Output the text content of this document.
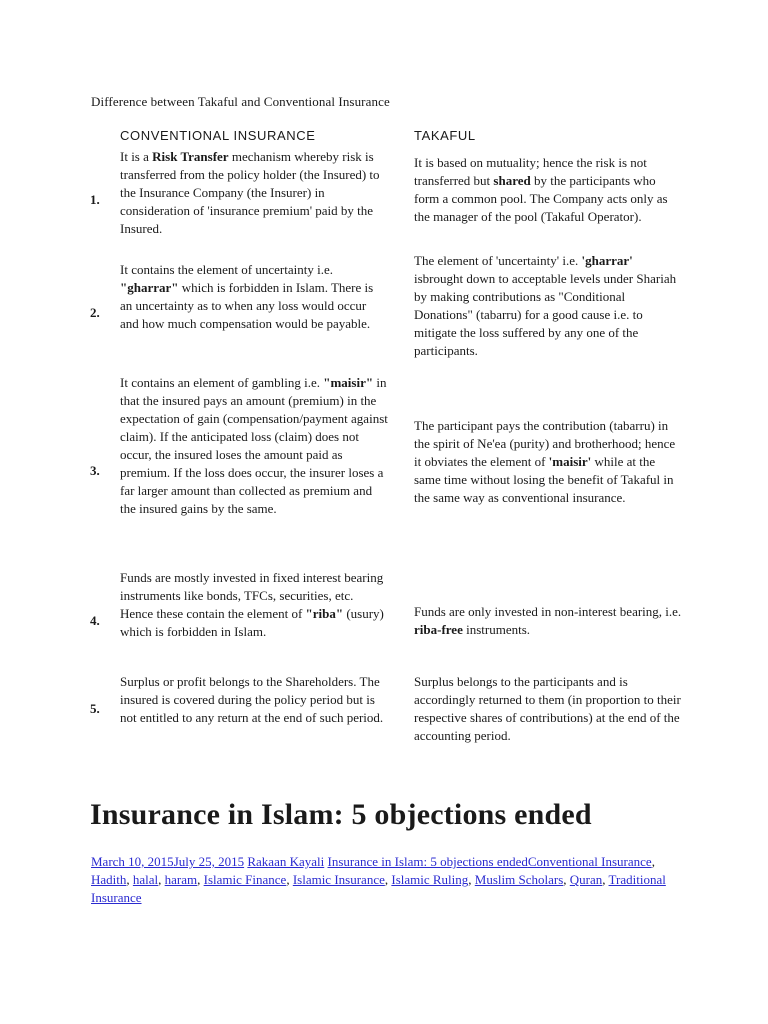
Difference between Takaful and Conventional Insurance
CONVENTIONAL INSURANCE	TAKAFUL
1.
It is a Risk Transfer mechanism whereby risk is transferred from the policy holder (the Insured) to the Insurance Company (the Insurer) in consideration of 'insurance premium' paid by the Insured.
It is based on mutuality; hence the risk is not transferred but shared by the participants who form a common pool. The Company acts only as the manager of the pool (Takaful Operator).
2.
It contains the element of uncertainty i.e. "gharrar" which is forbidden in Islam. There is an uncertainty as to when any loss would occur and how much compensation would be payable.
The element of 'uncertainty' i.e. 'gharrar' isbrought down to acceptable levels under Shariah by making contributions as "Conditional Donations" (tabarru) for a good cause i.e. to mitigate the loss suffered by any one of the participants.
3.
It contains an element of gambling i.e. "maisir" in that the insured pays an amount (premium) in the expectation of gain (compensation/payment against claim). If the anticipated loss (claim) does not occur, the insured loses the amount paid as premium. If the loss does occur, the insurer loses a far larger amount than collected as premium and the insured gains by the same.
The participant pays the contribution (tabarru) in the spirit of Ne'ea (purity) and brotherhood; hence it obviates the element of 'maisir' while at the same time without losing the benefit of Takaful in the same way as conventional insurance.
4.
Funds are mostly invested in fixed interest bearing instruments like bonds, TFCs, securities, etc. Hence these contain the element of "riba" (usury) which is forbidden in Islam.
Funds are only invested in non-interest bearing, i.e. riba-free instruments.
5.
Surplus or profit belongs to the Shareholders. The insured is covered during the policy period but is not entitled to any return at the end of such period.
Surplus belongs to the participants and is accordingly returned to them (in proportion to their respective shares of contributions) at the end of the accounting period.
Insurance in Islam: 5 objections ended
March 10, 2015July 25, 2015 Rakaan Kayali Insurance in Islam: 5 objections endedConventional Insurance, Hadith, halal, haram, Islamic Finance, Islamic Insurance, Islamic Ruling, Muslim Scholars, Quran, Traditional Insurance
